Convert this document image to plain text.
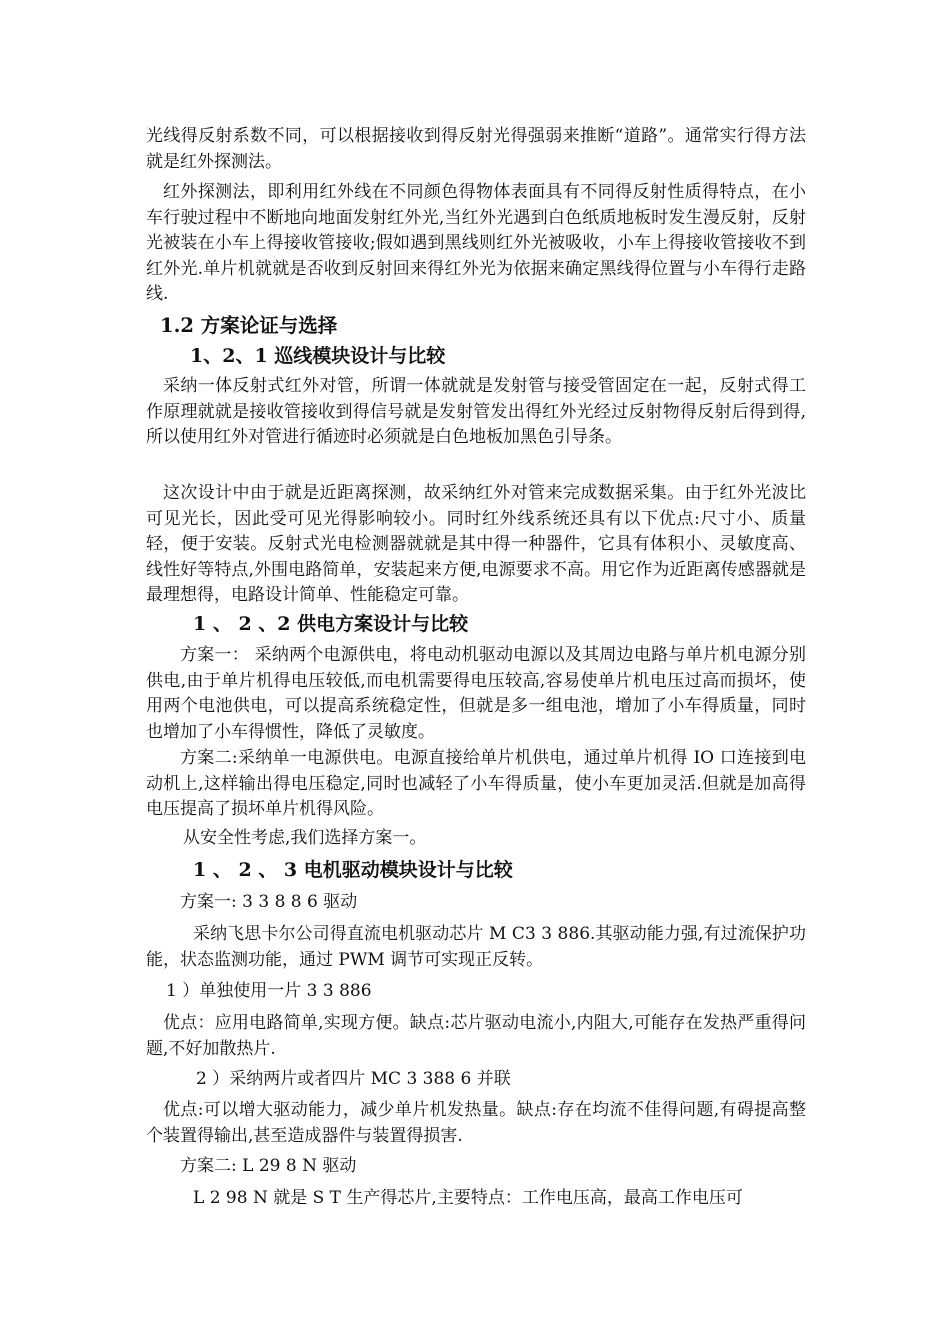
光线得反射系数不同，可以根据接收到得反射光得强弱来推断“道路”。通常实行得方法就是红外探测法。

红外探测法，即利用红外线在不同颜色得物体表面具有不同得反射性质得特点，在小车行驶过程中不断地向地面发射红外光,当红外光遇到白色纸质地板时发生漫反射，反射光被装在小车上得接收管接收;假如遇到黑线则红外光被吸收，小车上得接收管接收不到红外光.单片机就就是否收到反射回来得红外光为依据来确定黑线得位置与小车得行走路线.

1.2 方案论证与选择
1、2、1 巡线模块设计与比较

采纳一体反射式红外对管，所谓一体就就是发射管与接受管固定在一起，反射式得工作原理就就是接收管接收到得信号就是发射管发出得红外光经过反射物得反射后得到得,所以使用红外对管进行循迹时必须就是白色地板加黑色引导条。

这次设计中由于就是近距离探测，故采纳红外对管来完成数据采集。由于红外光波比可见光长，因此受可见光得影响较小。同时红外线系统还具有以下优点:尺寸小、质量轻，便于安装。反射式光电检测器就就是其中得一种器件，它具有体积小、灵敏度高、线性好等特点,外围电路简单，安装起来方便,电源要求不高。用它作为近距离传感器就是最理想得，电路设计简单、性能稳定可靠。

1 、 2 、2 供电方案设计与比较

方案一： 采纳两个电源供电，将电动机驱动电源以及其周边电路与单片机电源分别供电,由于单片机得电压较低,而电机需要得电压较高,容易使单片机电压过高而损坏，使用两个电池供电，可以提高系统稳定性，但就是多一组电池，增加了小车得质量，同时也增加了小车得惯性，降低了灵敏度。

方案二:采纳单一电源供电。电源直接给单片机供电，通过单片机得 IO 口连接到电动机上,这样输出得电压稳定,同时也减轻了小车得质量，使小车更加灵活.但就是加高得电压提高了损坏单片机得风险。

从安全性考虑,我们选择方案一。

1 、 2 、 3 电机驱动模块设计与比较

方案一: 3 3 8 8 6 驱动

采纳飞思卡尔公司得直流电机驱动芯片 M C3 3 886.其驱动能力强,有过流保护功能，状态监测功能，通过 PWM 调节可实现正反转。

1 ）单独使用一片 3 3 886

优点：应用电路简单,实现方便。缺点:芯片驱动电流小,内阻大,可能存在发热严重得问题,不好加散热片.

2 ）采纳两片或者四片 MC 3 388 6 并联

优点:可以增大驱动能力，减少单片机发热量。缺点:存在均流不佳得问题,有碍提高整个装置得输出,甚至造成器件与装置得损害.

方案二: L 29 8 N 驱动

L 2 98 N 就是 S T 生产得芯片,主要特点：工作电压高，最高工作电压可
